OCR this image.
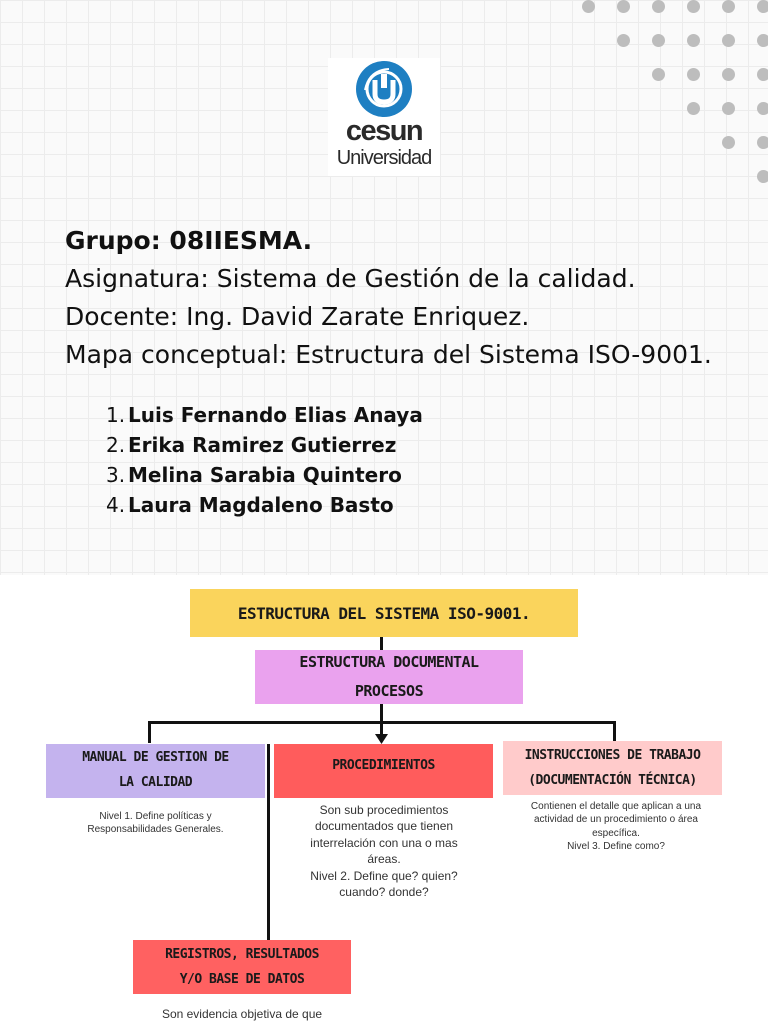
cesun
Universidad
Grupo: 08IIESMA.
Asignatura: Sistema de Gestión de la calidad.
Docente: Ing. David Zarate Enriquez.
Mapa conceptual: Estructura del Sistema ISO-9001.
1. Luis Fernando Elias Anaya
2. Erika Ramirez Gutierrez
3. Melina Sarabia Quintero
4. Laura Magdaleno Basto
ESTRUCTURA DEL SISTEMA ISO-9001.
ESTRUCTURA DOCUMENTAL
PROCESOS
MANUAL DE GESTION DE
LA CALIDAD
PROCEDIMIENTOS
INSTRUCCIONES DE TRABAJO
(DOCUMENTACIÓN TÉCNICA)
REGISTROS, RESULTADOS
Y/O BASE DE DATOS
Nivel 1. Define políticas y
Responsabilidades Generales.
Son sub procedimientos
documentados que tienen
interrelación con una o mas
áreas.
Nivel 2. Define que? quien?
cuando? donde?
Contienen el detalle que aplican a una
actividad de un procedimiento o área
específica.
Nivel 3. Define como?
Son evidencia objetiva de que
